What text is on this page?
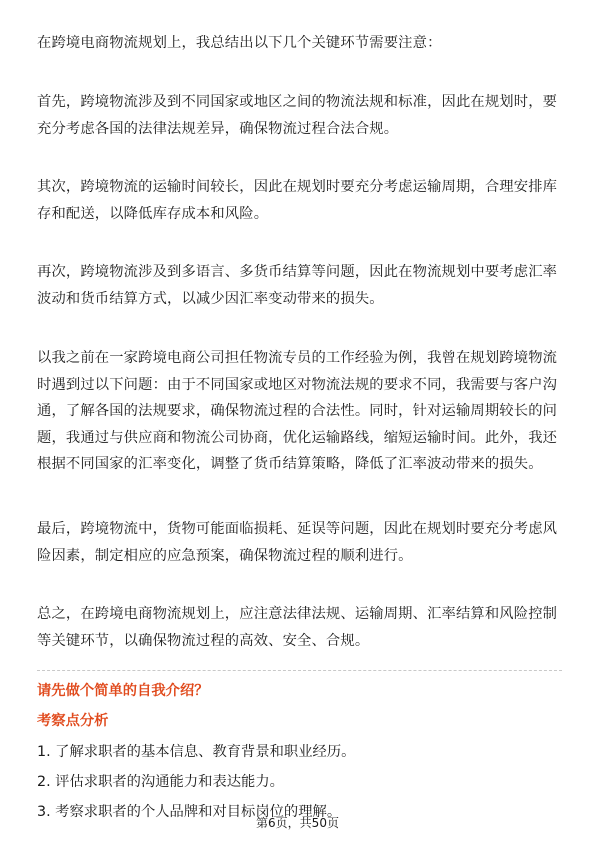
在跨境电商物流规划上，我总结出以下几个关键环节需要注意：

首先，跨境物流涉及到不同国家或地区之间的物流法规和标准，因此在规划时，要
充分考虑各国的法律法规差异，确保物流过程合法合规。

其次，跨境物流的运输时间较长，因此在规划时要充分考虑运输周期，合理安排库
存和配送，以降低库存成本和风险。

再次，跨境物流涉及到多语言、多货币结算等问题，因此在物流规划中要考虑汇率
波动和货币结算方式，以减少因汇率变动带来的损失。

以我之前在一家跨境电商公司担任物流专员的工作经验为例，我曾在规划跨境物流
时遇到过以下问题：由于不同国家或地区对物流法规的要求不同，我需要与客户沟
通，了解各国的法规要求，确保物流过程的合法性。同时，针对运输周期较长的问
题，我通过与供应商和物流公司协商，优化运输路线，缩短运输时间。此外，我还
根据不同国家的汇率变化，调整了货币结算策略，降低了汇率波动带来的损失。

最后，跨境物流中，货物可能面临损耗、延误等问题，因此在规划时要充分考虑风
险因素，制定相应的应急预案，确保物流过程的顺利进行。

总之，在跨境电商物流规划上，应注意法律法规、运输周期、汇率结算和风险控制
等关键环节，以确保物流过程的高效、安全、合规。

请先做个简单的自我介绍？

考察点分析

1. 了解求职者的基本信息、教育背景和职业经历。
2. 评估求职者的沟通能力和表达能力。
3. 考察求职者的个人品牌和对目标岗位的理解。
第6页，共50页
